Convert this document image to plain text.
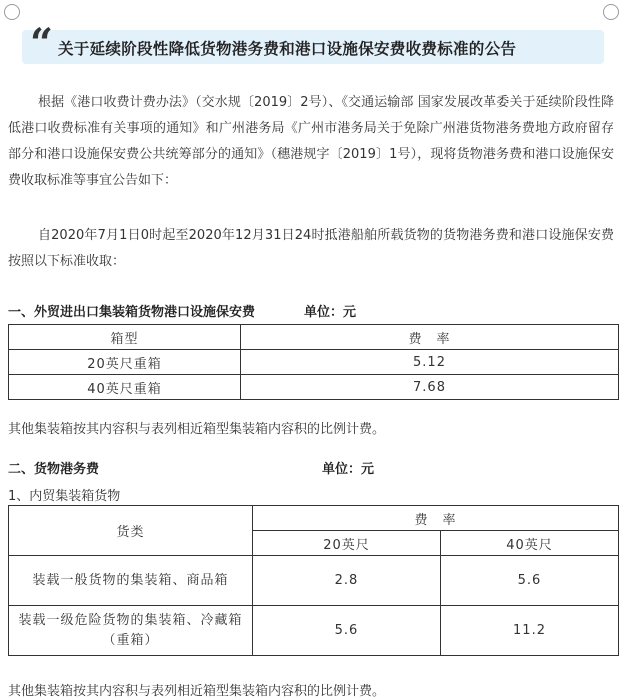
“ 关于延续阶段性降低货物港务费和港口设施保安费收费标准的公告

根据《港口收费计费办法》（交水规〔2019〕2号）、《交通运输部 国家发展改革委关于延续阶段性降低港口收费标准有关事项的通知》和广州港务局《广州市港务局关于免除广州港货物港务费地方政府留存部分和港口设施保安费公共统筹部分的通知》（穗港规字〔2019〕1号），现将货物港务费和港口设施保安费收取标准等事宜公告如下：

自2020年7月1日0时起至2020年12月31日24时抵港船舶所载货物的货物港务费和港口设施保安费按照以下标准收取：

一、外贸进出口集装箱货物港口设施保安费	单位：元
箱型	费　率
20英尺重箱	5.12
40英尺重箱	7.68
其他集装箱按其内容积与表列相近箱型集装箱内容积的比例计费。
二、货物港务费	单位：元
1、内贸集装箱货物
货类	费　率	
	20英尺	40英尺
装载一般货物的集装箱、商品箱	2.8	5.6
装载一级危险货物的集装箱、冷藏箱（重箱）	5.6	11.2
其他集装箱按其内容积与表列相近箱型集装箱内容积的比例计费。
